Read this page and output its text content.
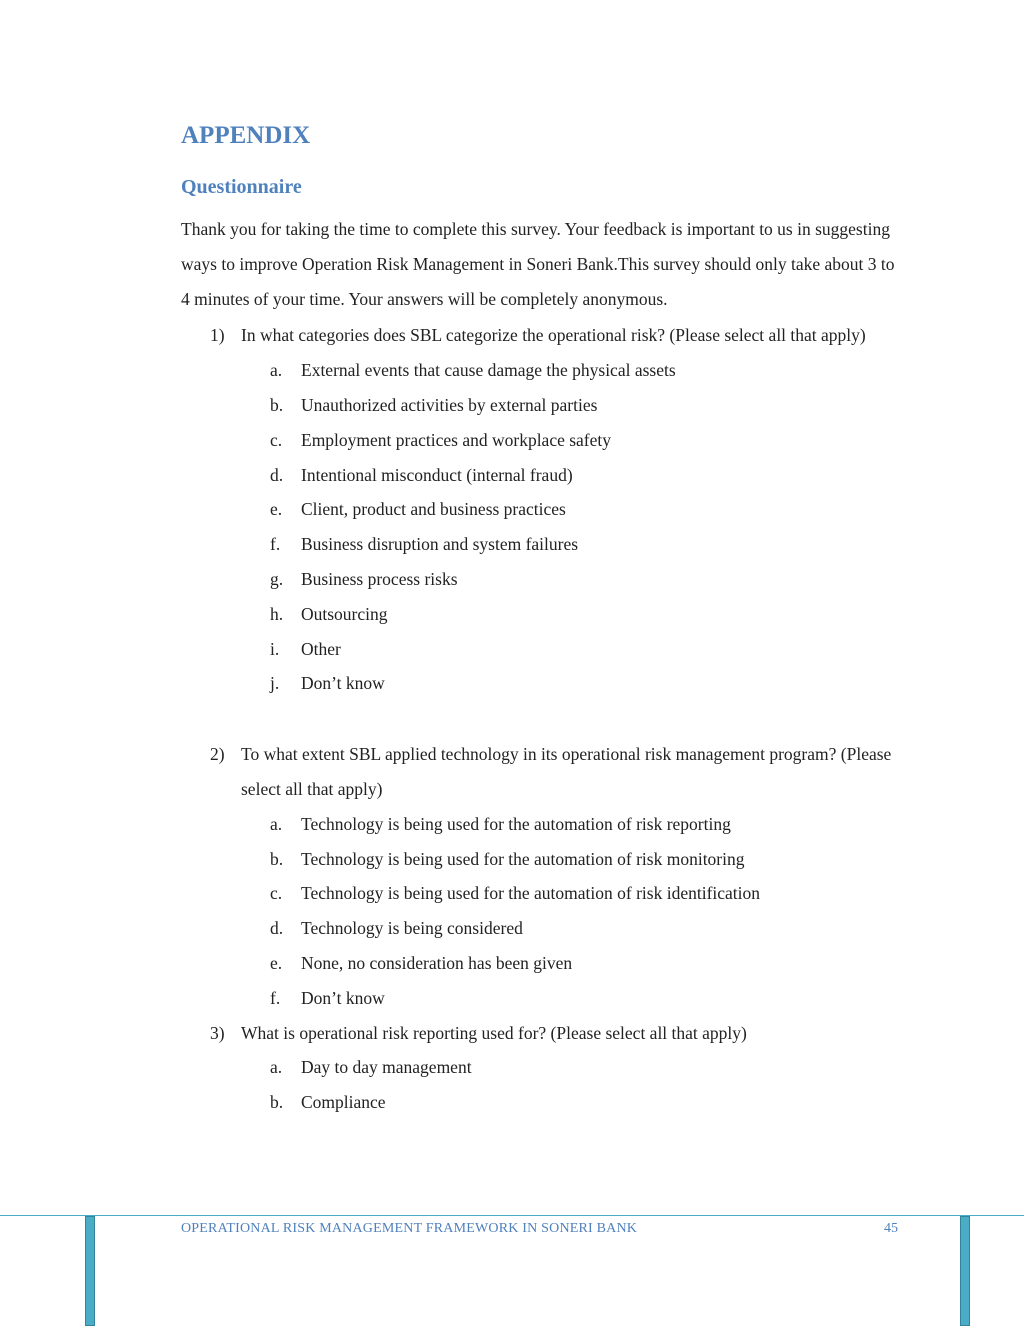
APPENDIX
Questionnaire

Thank you for taking the time to complete this survey. Your feedback is important to us in suggesting ways to improve Operation Risk Management in Soneri Bank.This survey should only take about 3 to 4 minutes of your time. Your answers will be completely anonymous.

1) In what categories does SBL categorize the operational risk? (Please select all that apply)
a. External events that cause damage the physical assets
b. Unauthorized activities by external parties
c. Employment practices and workplace safety
d. Intentional misconduct (internal fraud)
e. Client, product and business practices
f. Business disruption and system failures
g. Business process risks
h. Outsourcing
i. Other
j. Don’t know
2) To what extent SBL applied technology in its operational risk management program? (Please select all that apply)
a. Technology is being used for the automation of risk reporting
b. Technology is being used for the automation of risk monitoring
c. Technology is being used for the automation of risk identification
d. Technology is being considered
e. None, no consideration has been given
f. Don’t know
3) What is operational risk reporting used for? (Please select all that apply)
a. Day to day management
b. Compliance
OPERATIONAL RISK MANAGEMENT FRAMEWORK IN SONERI BANK	45
